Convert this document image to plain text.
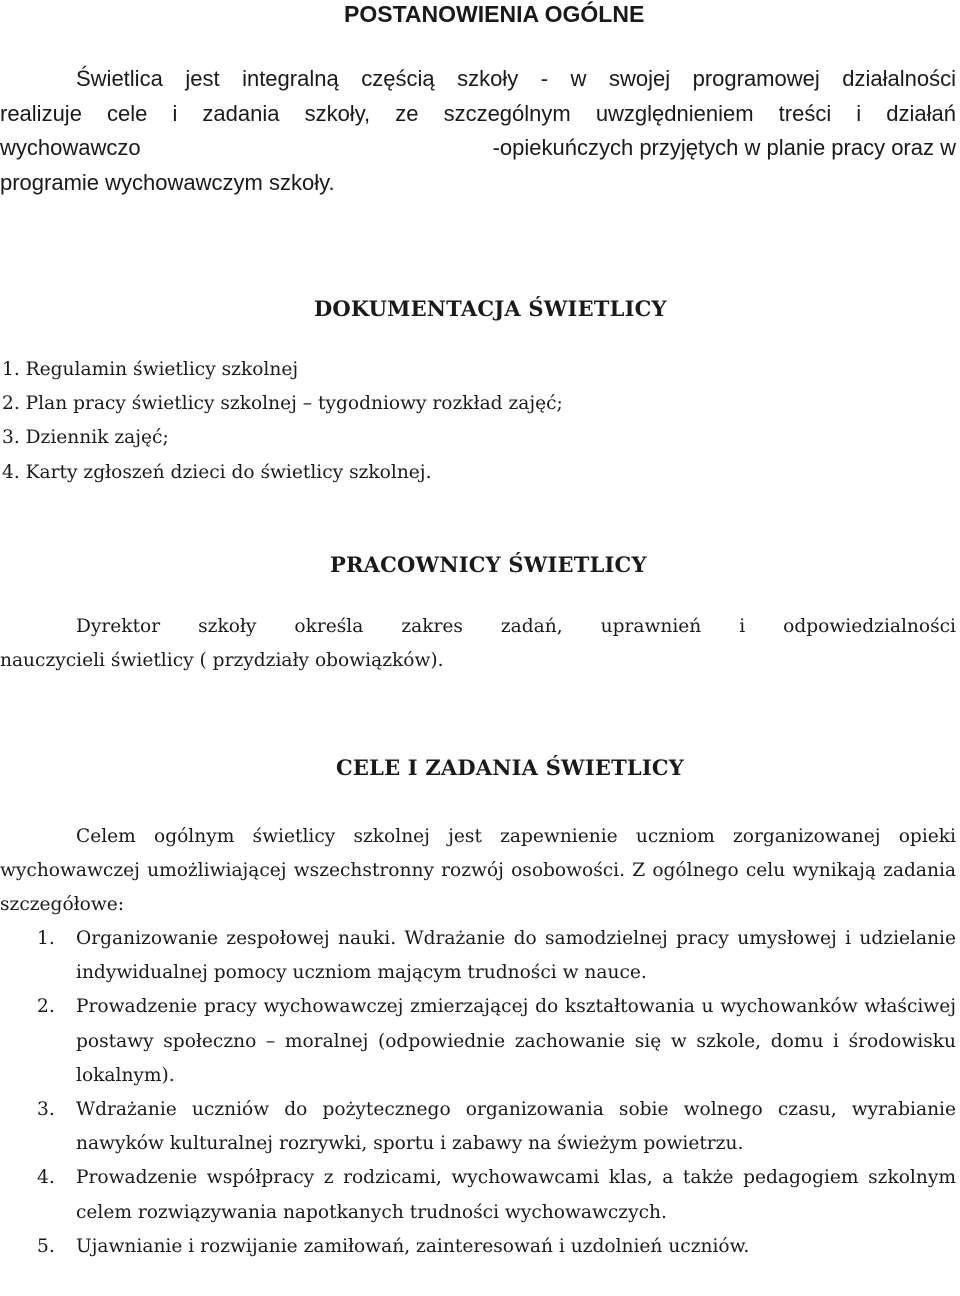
POSTANOWIENIA OGÓLNE
Świetlica jest integralną częścią szkoły - w swojej programowej działalności
realizuje cele i zadania szkoły, ze szczególnym uwzględnieniem treści i działań
wychowawczo	-opiekuńczych przyjętych w planie pracy oraz w
programie wychowawczym szkoły.
DOKUMENTACJA ŚWIETLICY
1. Regulamin świetlicy szkolnej
2. Plan pracy świetlicy szkolnej – tygodniowy rozkład zajęć;
3. Dziennik zajęć;
4. Karty zgłoszeń dzieci do świetlicy szkolnej.
PRACOWNICY ŚWIETLICY
Dyrektor szkoły określa zakres zadań, uprawnień i odpowiedzialności
nauczycieli świetlicy ( przydziały obowiązków).
CELE I ZADANIA ŚWIETLICY
Celem ogólnym świetlicy szkolnej jest zapewnienie uczniom zorganizowanej opieki wychowawczej umożliwiającej wszechstronny rozwój osobowości. Z ogólnego celu wynikają zadania szczegółowe:
1. Organizowanie zespołowej nauki. Wdrażanie do samodzielnej pracy umysłowej i udzielanie indywidualnej pomocy uczniom mającym trudności w nauce.
2. Prowadzenie pracy wychowawczej zmierzającej do kształtowania u wychowanków właściwej postawy społeczno – moralnej (odpowiednie zachowanie się w szkole, domu i środowisku lokalnym).
3. Wdrażanie uczniów do pożytecznego organizowania sobie wolnego czasu, wyrabianie nawyków kulturalnej rozrywki, sportu i zabawy na świeżym powietrzu.
4. Prowadzenie współpracy z rodzicami, wychowawcami klas, a także pedagogiem szkolnym celem rozwiązywania napotkanych trudności wychowawczych.
5. Ujawnianie i rozwijanie zamiłowań, zainteresowań i uzdolnień uczniów.
